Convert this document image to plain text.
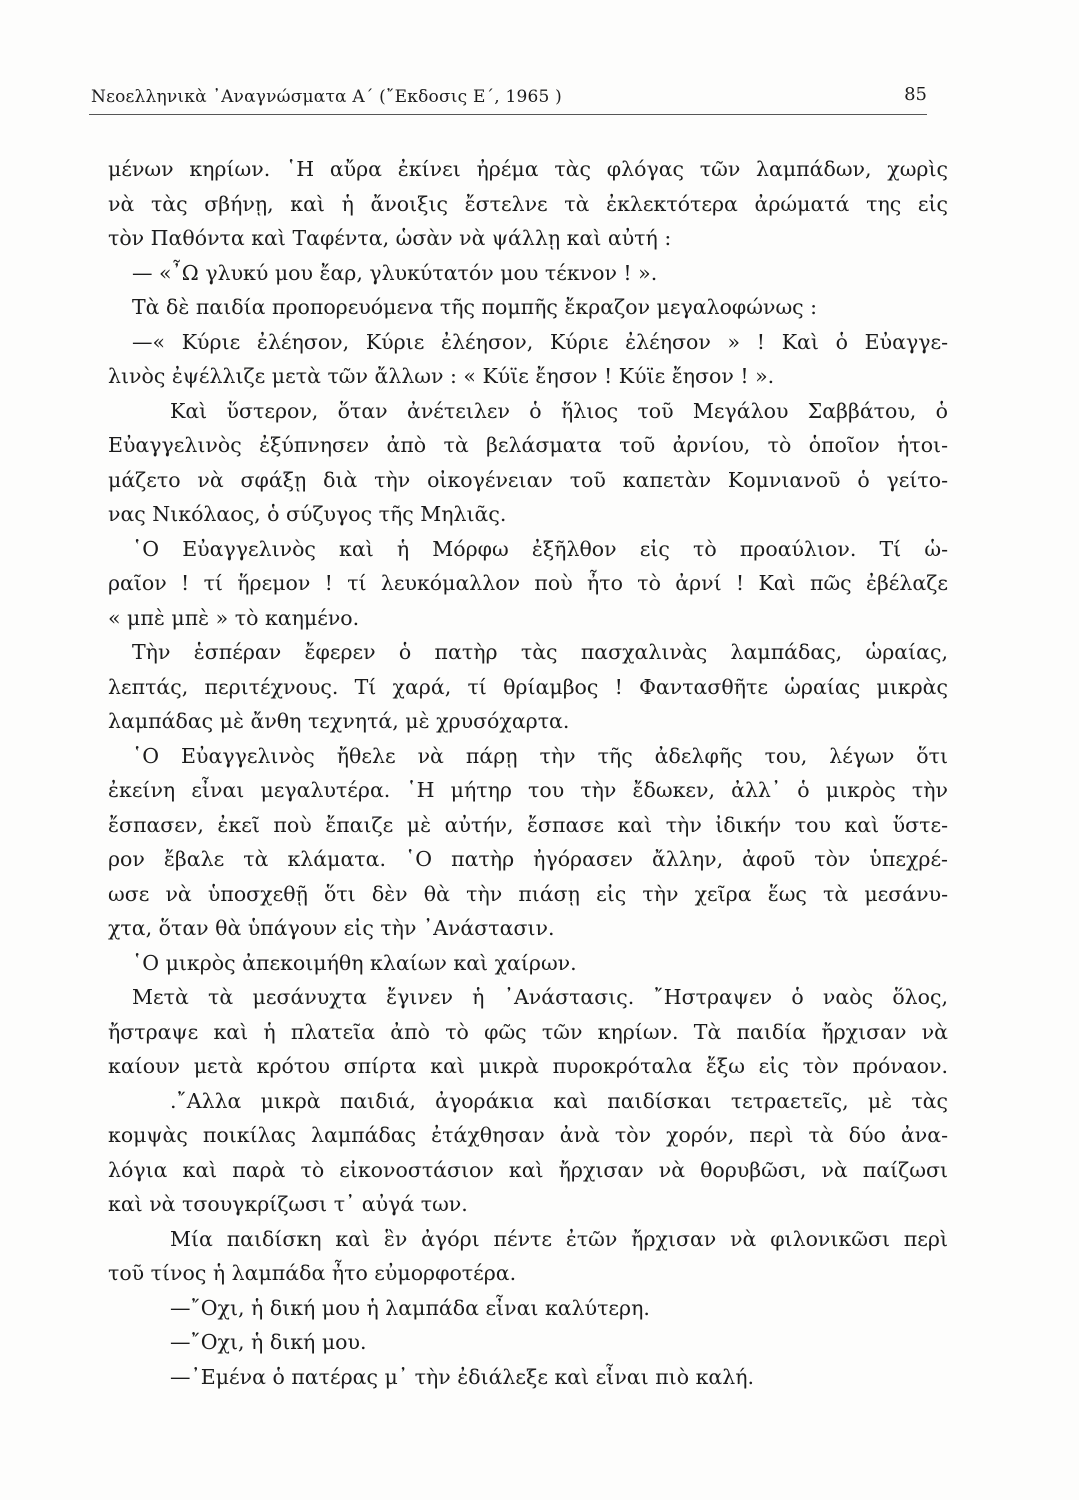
Νεοελληνικὰ ᾿Αναγνώσματα Α΄ (῎Εκδοσις Ε΄, 1965 )	85
μένων κηρίων. ῾Η αὔρα ἐκίνει ἠρέμα τὰς φλόγας τῶν λαμπάδων, χωρὶς
νὰ τὰς σβήνῃ, καὶ ἡ ἄνοιξις ἔστελνε τὰ ἐκλεκτότερα ἀρώματά της εἰς
τὸν Παθόντα καὶ Ταφέντα, ὡσὰν νὰ ψάλλῃ καὶ αὐτή :
— «῏Ω γλυκύ μου ἔαρ, γλυκύτατόν μου τέκνον ! ».
Τὰ δὲ παιδία προπορευόμενα τῆς πομπῆς ἔκραζον μεγαλοφώνως :
—« Κύριε ἐλέησον, Κύριε ἐλέησον, Κύριε ἐλέησον » ! Καὶ ὁ Εὐαγγε-
λινὸς ἐψέλλιζε μετὰ τῶν ἄλλων : « Κύϊε ἔησον ! Κύϊε ἔησον ! ».
Καὶ ὕστερον, ὅταν ἀνέτειλεν ὁ ἥλιος τοῦ Μεγάλου Σαββάτου, ὁ
Εὐαγγελινὸς ἐξύπνησεν ἀπὸ τὰ βελάσματα τοῦ ἀρνίου, τὸ ὁποῖον ἡτοι-
μάζετο νὰ σφάξῃ διὰ τὴν οἰκογένειαν τοῦ καπετὰν Κομνιανοῦ ὁ γείτο-
νας Νικόλαος, ὁ σύζυγος τῆς Μηλιᾶς.
῾Ο Εὐαγγελινὸς καὶ ἡ Μόρφω ἐξῆλθον εἰς τὸ προαύλιον. Τί ὡ-
ραῖον ! τί ἥρεμον ! τί λευκόμαλλον ποὺ ἦτο τὸ ἀρνί ! Καὶ πῶς ἐβέλαζε
« μπὲ μπὲ » τὸ καημένο.
Τὴν ἑσπέραν ἔφερεν ὁ πατὴρ τὰς πασχαλινὰς λαμπάδας, ὡραίας,
λεπτάς, περιτέχνους. Τί χαρά, τί θρίαμβος ! Φαντασθῆτε ὡραίας μικρὰς
λαμπάδας μὲ ἄνθη τεχνητά, μὲ χρυσόχαρτα.
῾Ο Εὐαγγελινὸς ἤθελε νὰ πάρῃ τὴν τῆς ἀδελφῆς του, λέγων ὅτι
ἐκείνη εἶναι μεγαλυτέρα. ῾Η μήτηρ του τὴν ἔδωκεν, ἀλλ᾿ ὁ μικρὸς τὴν
ἔσπασεν, ἐκεῖ ποὺ ἔπαιζε μὲ αὐτήν, ἔσπασε καὶ τὴν ἰδικήν του καὶ ὕστε-
ρον ἔβαλε τὰ κλάματα. ῾Ο πατὴρ ἠγόρασεν ἄλλην, ἀφοῦ τὸν ὑπεχρέ-
ωσε νὰ ὑποσχεθῇ ὅτι δὲν θὰ τὴν πιάσῃ εἰς τὴν χεῖρα ἕως τὰ μεσάνυ-
χτα, ὅταν θὰ ὑπάγουν εἰς τὴν ᾿Ανάστασιν.
῾Ο μικρὸς ἀπεκοιμήθη κλαίων καὶ χαίρων.
Μετὰ τὰ μεσάνυχτα ἔγινεν ἡ ᾿Ανάστασις. ῎Ηστραψεν ὁ ναὸς ὅλος,
ἤστραψε καὶ ἡ πλατεῖα ἀπὸ τὸ φῶς τῶν κηρίων. Τὰ παιδία ἤρχισαν νὰ
καίουν μετὰ κρότου σπίρτα καὶ μικρὰ πυροκρόταλα ἔξω εἰς τὸν πρόναον.
.῎Αλλα μικρὰ παιδιά, ἀγοράκια καὶ παιδίσκαι τετραετεῖς, μὲ τὰς
κομψὰς ποικίλας λαμπάδας ἐτάχθησαν ἀνὰ τὸν χορόν, περὶ τὰ δύο ἀνα-
λόγια καὶ παρὰ τὸ εἰκονοστάσιον καὶ ἤρχισαν νὰ θορυβῶσι, νὰ παίζωσι
καὶ νὰ τσουγκρίζωσι τ᾿ αὐγά των.
Μία παιδίσκη καὶ ἓν ἀγόρι πέντε ἐτῶν ἤρχισαν νὰ φιλονικῶσι περὶ
τοῦ τίνος ἡ λαμπάδα ἦτο εὐμορφοτέρα.
—῎Οχι, ἡ δική μου ἡ λαμπάδα εἶναι καλύτερη.
—῎Οχι, ἡ δική μου.
—᾿Εμένα ὁ πατέρας μ᾿ τὴν ἐδιάλεξε καὶ εἶναι πιὸ καλή.
